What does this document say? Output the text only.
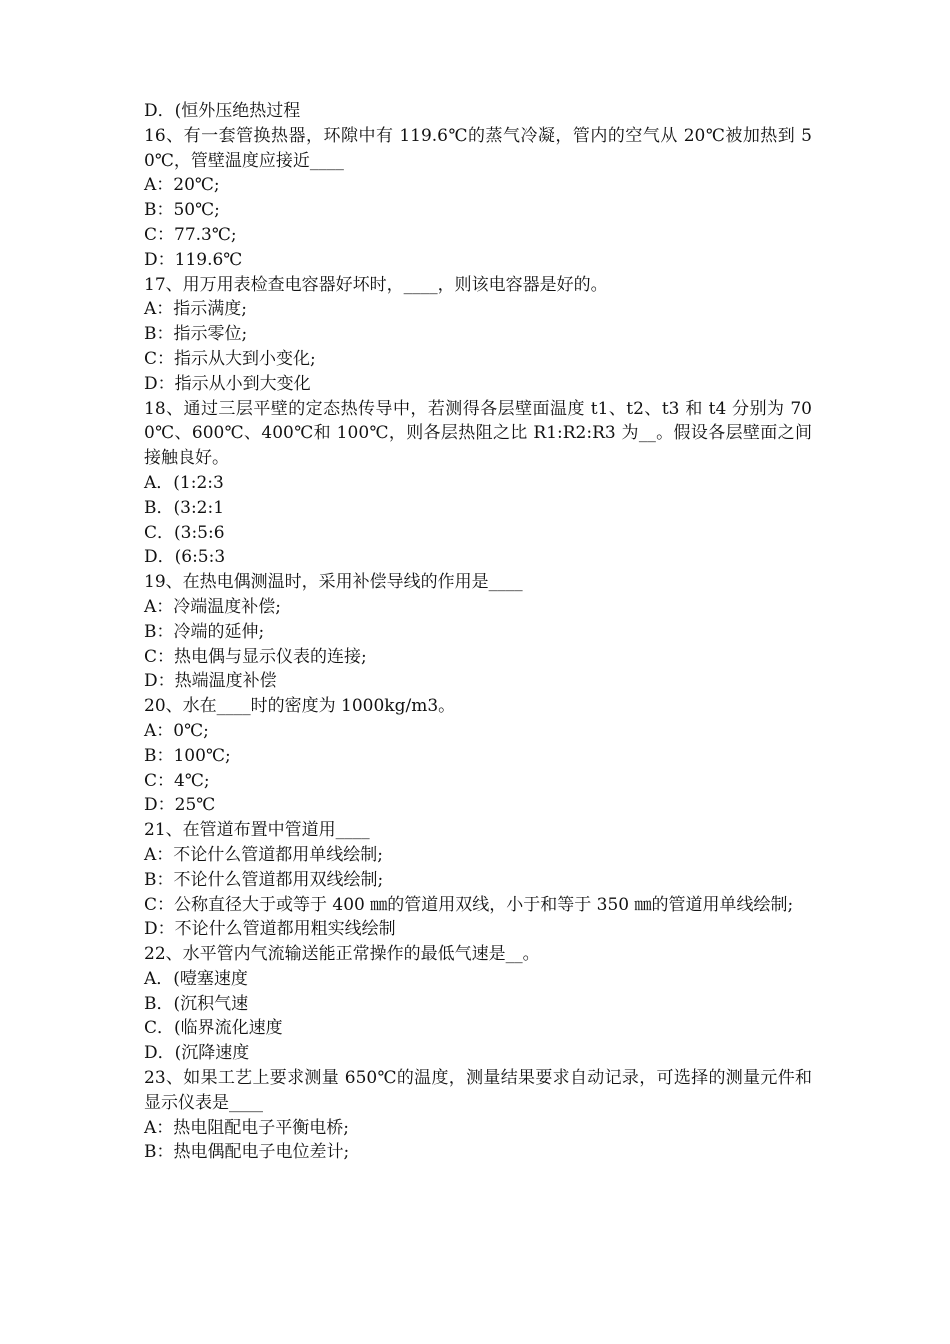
D．(恒外压绝热过程
16、有一套管换热器，环隙中有 119.6℃的蒸气冷凝，管内的空气从 20℃被加热到 50℃，管壁温度应接近____
A：20℃;
B：50℃;
C：77.3℃;
D：119.6℃
17、用万用表检查电容器好坏时，____，则该电容器是好的。
A：指示满度;
B：指示零位;
C：指示从大到小变化;
D：指示从小到大变化
18、通过三层平壁的定态热传导中，若测得各层壁面温度 t1、t2、t3 和 t4 分别为 700℃、600℃、400℃和 100℃，则各层热阻之比 R1:R2:R3 为__。假设各层壁面之间接触良好。
A．(1:2:3
B．(3:2:1
C．(3:5:6
D．(6:5:3
19、在热电偶测温时，采用补偿导线的作用是____
A：冷端温度补偿;
B：冷端的延伸;
C：热电偶与显示仪表的连接;
D：热端温度补偿
20、水在____时的密度为 1000kg/m3。
A：0℃;
B：100℃;
C：4℃;
D：25℃
21、在管道布置中管道用____
A：不论什么管道都用单线绘制;
B：不论什么管道都用双线绘制;
C：公称直径大于或等于 400 ㎜的管道用双线，小于和等于 350 ㎜的管道用单线绘制;
D：不论什么管道都用粗实线绘制
22、水平管内气流输送能正常操作的最低气速是__。
A．(噎塞速度
B．(沉积气速
C．(临界流化速度
D．(沉降速度
23、如果工艺上要求测量 650℃的温度，测量结果要求自动记录，可选择的测量元件和显示仪表是____
A：热电阻配电子平衡电桥;
B：热电偶配电子电位差计;
